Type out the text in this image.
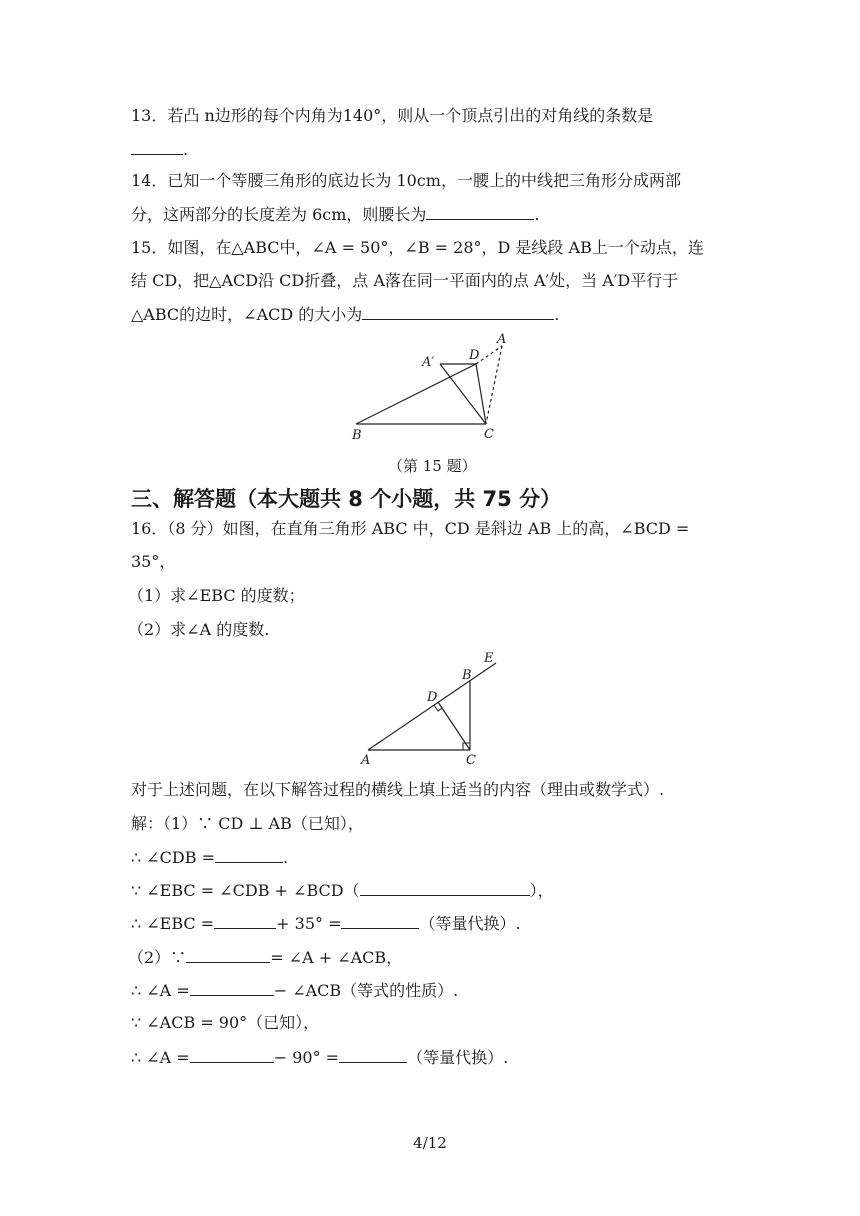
13．若凸 n边形的每个内角为140°，则从一个顶点引出的对角线的条数是
.
14．已知一个等腰三角形的底边长为 10cm，一腰上的中线把三角形分成两部
分，这两部分的长度差为 6cm，则腰长为	.
15．如图，在△ABC中，∠A = 50°，∠B = 28°，D 是线段 AB上一个动点，连
结 CD，把△ACD沿 CD折叠，点 A落在同一平面内的点 A′处，当 A′D平行于
△ABC的边时，∠ACD 的大小为	.
A′	D
A
B	C
（第 15 题）
三、解答题（本大题共 8 个小题，共 75 分）
16．（8 分）如图，在直角三角形 ABC 中，CD 是斜边 AB 上的高，∠BCD =
35°，
（1）求∠EBC 的度数；
（2）求∠A 的度数.
E
B
D
A	C
对于上述问题，在以下解答过程的横线上填上适当的内容（理由或数学式）.
解：（1）∵ CD ⊥ AB（已知），
∴ ∠CDB =	.
∵ ∠EBC = ∠CDB + ∠BCD（	），
∴ ∠EBC =	+ 35° =	（等量代换）.
（2）∵	= ∠A + ∠ACB，
∴ ∠A =	− ∠ACB（等式的性质）.
∵ ∠ACB = 90°（已知），
∴ ∠A =	− 90° =	（等量代换）.
4/12
